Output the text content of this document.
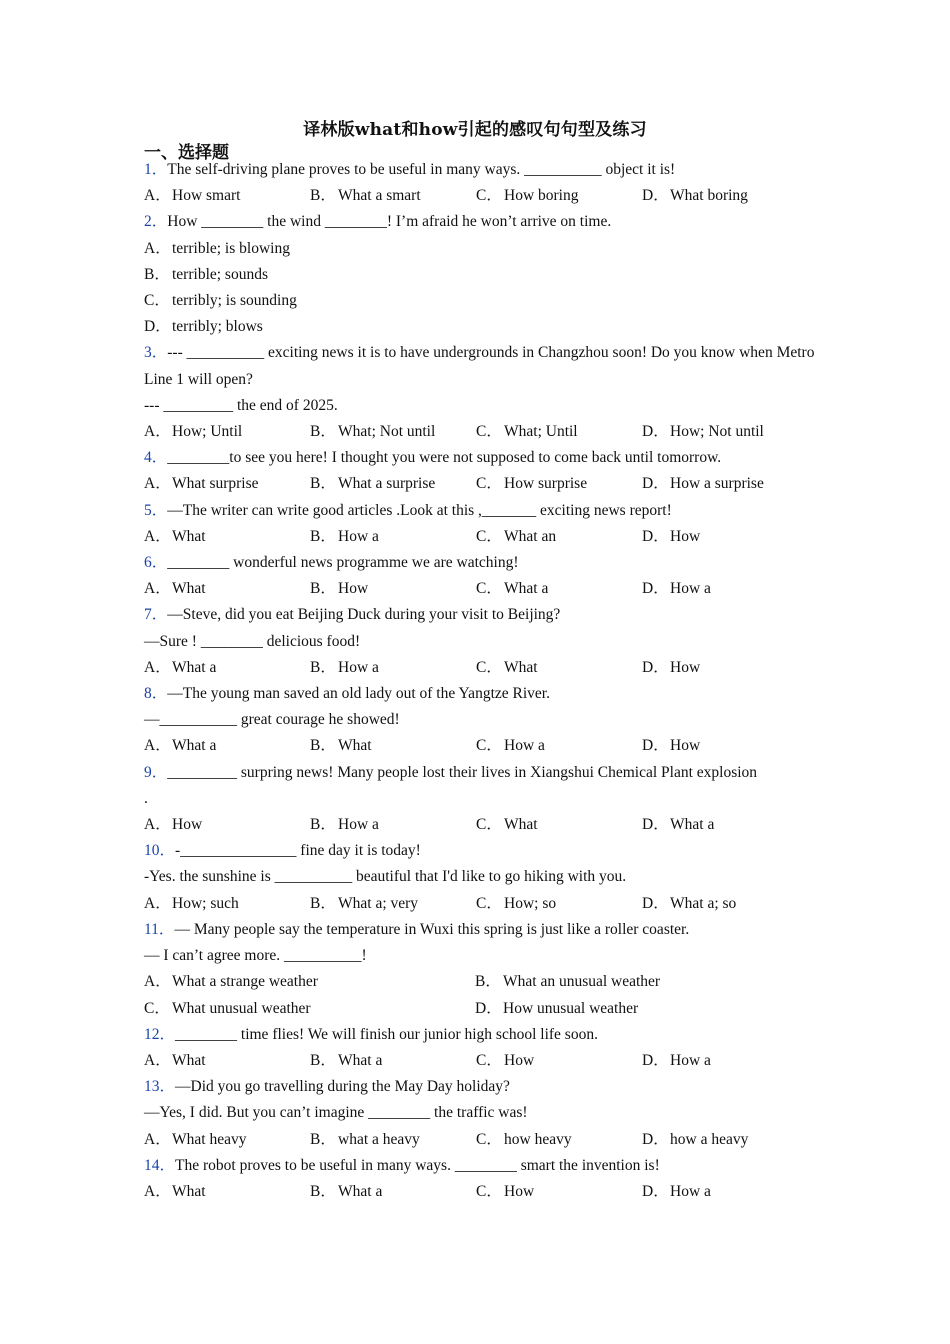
译林版what和how引起的感叹句句型及练习
一、选择题
1．The self-driving plane proves to be useful in many ways. __________ object it is!
A．How smart	B． What a smart	C． How boring	D．What boring
2．How ________ the wind ________! I’m afraid he won’t arrive on time.
A．terrible; is blowing
B． terrible; sounds
C． terribly; is sounding
D．terribly; blows
3．--- __________ exciting news it is to have undergrounds in Changzhou soon! Do you know when Metro Line 1 will open?
--- _________ the end of 2025.
A．How; Until	B． What; Not until	C． What; Until	D．How; Not until
4．________to see you here! I thought you were not supposed to come back until tomorrow.
A．What surprise	B． What a surprise	C． How surprise	D．How a surprise
5．—The writer can write good articles .Look at this ,_______ exciting news report!
A．What	B． How a	C． What an	D．How
6．________ wonderful news programme we are watching!
A．What	B． How	C． What a	D．How a
7．—Steve, did you eat Beijing Duck during your visit to Beijing?
—Sure ! ________ delicious food!
A．What a	B． How a	C． What	D．How
8．—The young man saved an old lady out of the Yangtze River.
—__________ great courage he showed!
A．What a	B． What	C． How a	D．How
9．_________ surpring news! Many people lost their lives in Xiangshui Chemical Plant explosion
.
A．How	B． How a	C． What	D．What a
10．-_______________ fine day it is today!
-Yes. the sunshine is __________ beautiful that I'd like to go hiking with you.
A．How; such	B． What a; very	C． How; so	D．What a; so
11．— Many people say the temperature in Wuxi this spring is just like a roller coaster.
— I can’t agree more. __________!
A．What a strange weather	B． What an unusual weather
C． What unusual weather	D．How unusual weather
12．________ time flies! We will finish our junior high school life soon.
A．What	B． What a	C． How	D．How a
13．—Did you go travelling during the May Day holiday?
—Yes, I did. But you can’t imagine ________ the traffic was!
A．What heavy	B． what a heavy	C． how heavy	D．how a heavy
14．The robot proves to be useful in many ways. ________ smart the invention is!
A．What	B． What a	C． How	D．How a
